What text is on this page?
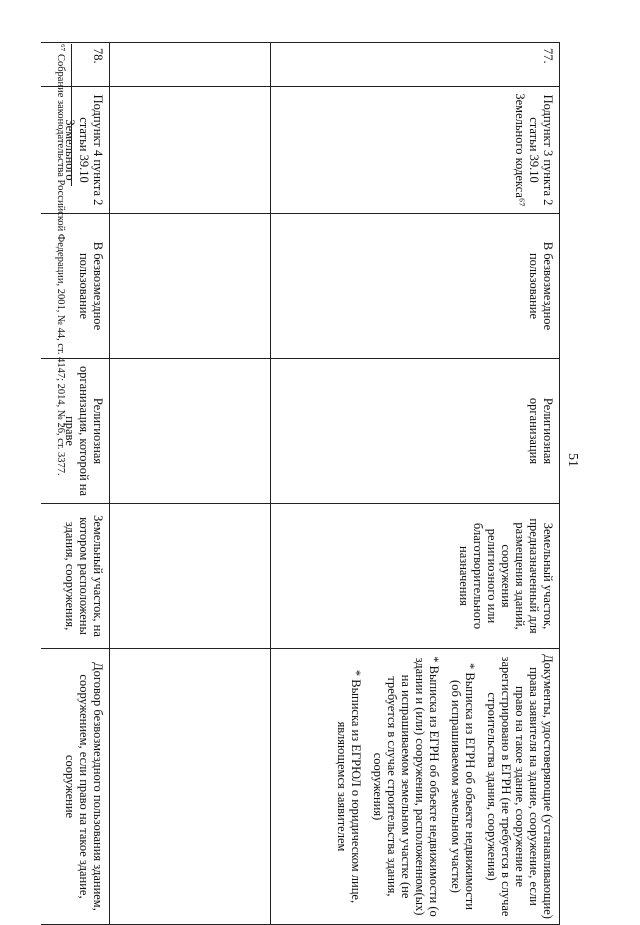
51
77.	Подпункт 3 пункта 2 статьи 39.10 Земельного кодекса⁶⁷	В безвозмездное пользование	Религиозная организация	Земельный участок, предназначенный для размещения зданий, сооружения религиозного или благотворительного назначения	Документы, удостоверяющие (устанавливающие) права заявителя на здание, сооружение, если право на такое здание, сооружение не зарегистрировано в ЕГРН (не требуется в случае строительства здания, сооружения)
* Выписка из ЕГРН об объекте недвижимости (об испрашиваемом земельном участке)
* Выписка из ЕГРН об объекте недвижимости (о здании и (или) сооружении, расположенном(ых) на испрашиваемом земельном участке (не требуется в случае строительства здания, сооружения)
* Выписка из ЕГРЮЛ о юридическом лице, являющемся заявителем

78.	Подпункт 4 пункта 2 статьи 39.10 Земельного	В безвозмездное пользование	Религиозная организация, которой на праве	Земельный участок, на котором расположены здания, сооружения,	Договор безвозмездного пользования зданием, сооружением, если право на такое здание, сооружение
⁶⁷ Собрание законодательства Российской Федерации, 2001, № 44, ст. 4147; 2014, № 26, ст. 3377.
